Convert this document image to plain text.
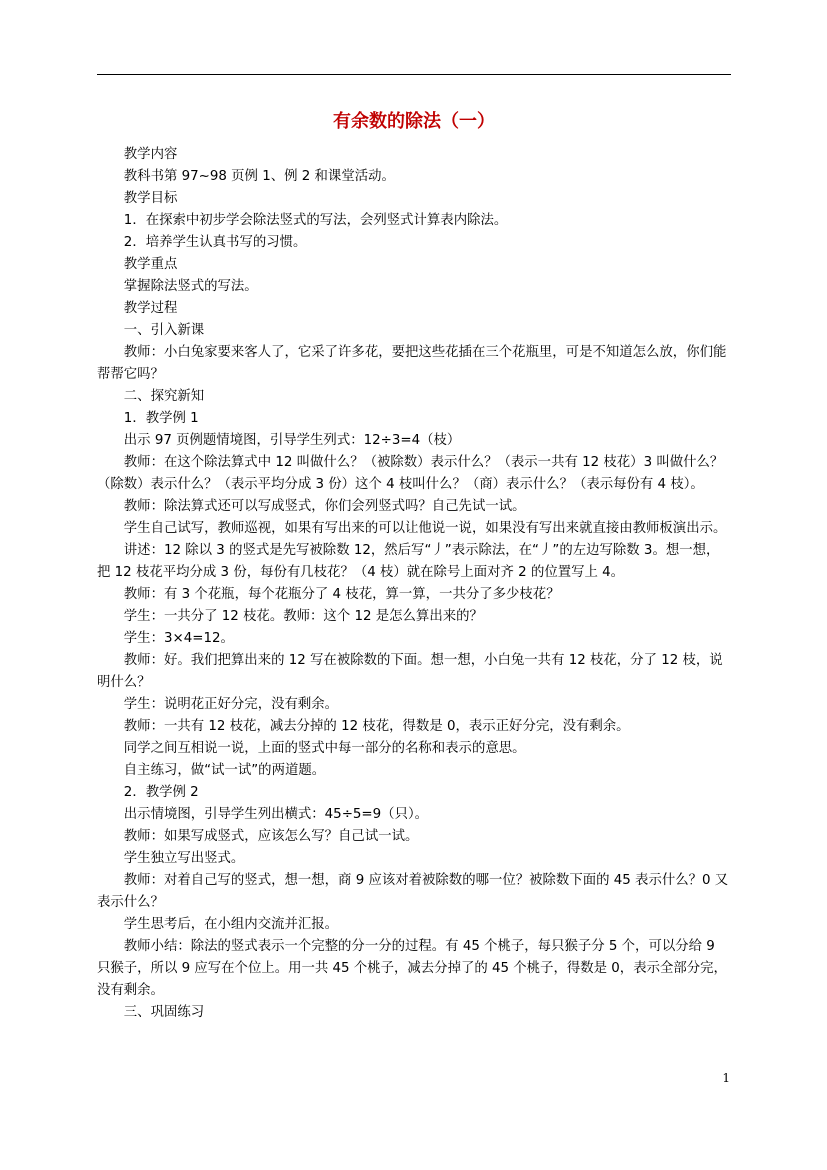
有余数的除法（一）

教学内容

教科书第 97~98 页例 1、例 2 和课堂活动。

教学目标

1．在探索中初步学会除法竖式的写法，会列竖式计算表内除法。

2．培养学生认真书写的习惯。

教学重点

掌握除法竖式的写法。

教学过程

一、引入新课

教师：小白兔家要来客人了，它采了许多花，要把这些花插在三个花瓶里，可是不知道怎么放，你们能帮帮它吗？

二、探究新知

1．教学例 1

出示 97 页例题情境图，引导学生列式：12÷3=4（枝）

教师：在这个除法算式中 12 叫做什么？（被除数）表示什么？（表示一共有 12 枝花）3 叫做什么？（除数）表示什么？（表示平均分成 3 份）这个 4 枝叫什么？（商）表示什么？（表示每份有 4 枝）。

教师：除法算式还可以写成竖式，你们会列竖式吗？自己先试一试。

学生自己试写，教师巡视，如果有写出来的可以让他说一说，如果没有写出来就直接由教师板演出示。

讲述：12 除以 3 的竖式是先写被除数 12，然后写“丿”表示除法，在“丿”的左边写除数 3。想一想，把 12 枝花平均分成 3 份，每份有几枝花？（4 枝）就在除号上面对齐 2 的位置写上 4。

教师：有 3 个花瓶，每个花瓶分了 4 枝花，算一算，一共分了多少枝花？

学生：一共分了 12 枝花。教师：这个 12 是怎么算出来的？

学生：3×4=12。

教师：好。我们把算出来的 12 写在被除数的下面。想一想，小白兔一共有 12 枝花，分了 12 枝，说明什么？

学生：说明花正好分完，没有剩余。

教师：一共有 12 枝花，减去分掉的 12 枝花，得数是 0，表示正好分完，没有剩余。

同学之间互相说一说，上面的竖式中每一部分的名称和表示的意思。

自主练习，做“试一试”的两道题。

2．教学例 2

出示情境图，引导学生列出横式：45÷5=9（只）。

教师：如果写成竖式，应该怎么写？自己试一试。

学生独立写出竖式。

教师：对着自己写的竖式，想一想，商 9 应该对着被除数的哪一位？被除数下面的 45 表示什么？0 又表示什么？

学生思考后，在小组内交流并汇报。

教师小结：除法的竖式表示一个完整的分一分的过程。有 45 个桃子，每只猴子分 5 个，可以分给 9 只猴子，所以 9 应写在个位上。用一共 45 个桃子，减去分掉了的 45 个桃子，得数是 0，表示全部分完，没有剩余。

三、巩固练习

1
